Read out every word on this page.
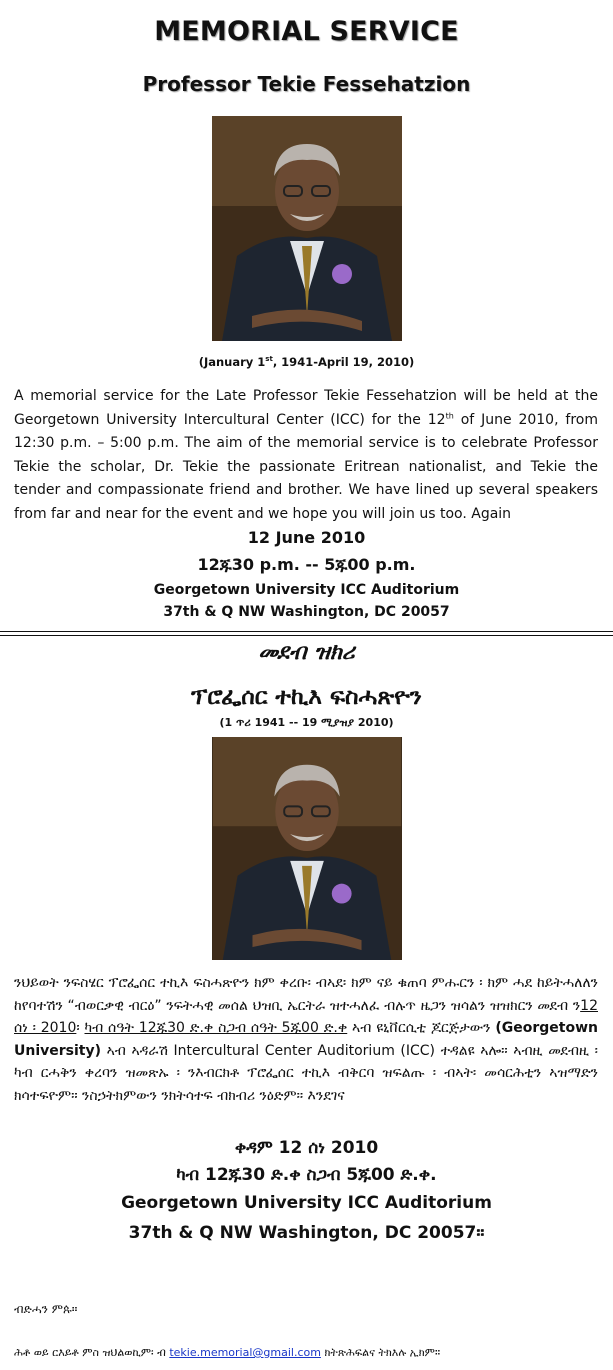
MEMORIAL SERVICE
Professor Tekie Fessehatzion
(January 1st, 1941-April 19, 2010)
A memorial service for the Late Professor Tekie Fessehatzion will be held at the Georgetown University Intercultural Center (ICC) for the 12th of June 2010, from 12:30 p.m. – 5:00 p.m. The aim of the memorial service is to celebrate Professor Tekie the scholar, Dr. Tekie the passionate Eritrean nationalist, and Tekie the tender and compassionate friend and brother. We have lined up several speakers from far and near for the event and we hope you will join us too. Again
12 June 2010
12ጁ30 p.m. -- 5ጁ00 p.m.
Georgetown University ICC Auditorium
37th & Q NW Washington, DC 20057
መደብ ዝክሪ
ፕሮፌሰር ተኪእ ፍስሓጽዮን
(1 ጥሪ 1941 -- 19 ሚያዝያ 2010)
ንህይወት ንፍስሄር ፕሮፌሰር ተኪእ ፍስሓጽዮን ክም ቀረቡ፡ ብኣደ፡ ክም ናይ ቁጠባ ምሑርን ፡ ክም ሓደ ከይትሓለለን ከየባተሽን “ብወርቃዊ ብርዕ” ንፍትሓዊ መሰል ህዝቢ ኤርትራ ዝተሓለፈ ብሉጥ ዜጋን ዝሳልን ዝዝክርን መደብ ን12 ሰነ ፡ 2010፡ ካብ ሰዓት 12ጁ30 ድ.ቀ ስጋብ ሰዓት 5ጁ00 ድ.ቀ ኣብ ዩኒቨርሲቲ ጆርጅታውን (Georgetown University) ኣብ ኣዳራሽ Intercultural Center Auditorium (ICC) ተዳልዩ ኣሎ። ኣብዚ መደብዚ ፡ ካብ ርሓቅን ቀረባን ዝመጽኡ ፡ ንእብርክቶ ፕሮፌሰር ተኪእ ብቅርባ ዝፍልጡ ፡ ብኣት፡ መሳርሕቲን ኣዝማድን ክሳተፍዮም። ንስኃትክምውን ንክትሳተፍ ብክብሪ ንዕድም። እንደገና
ቀዳም 12 ሰነ 2010
ካብ 12ጁ30 ድ.ቀ ስጋብ 5ጁ00 ድ.ቀ.
Georgetown University ICC Auditorium
37th & Q NW Washington, DC 20057።
ብድሓን ምጱ።
ሕቶ ወይ ርእይቶ ምስ ዝህልወኪም፡ ብ tekie.memorial@gmail.com ክትጽሕፍልና ትክእሉ ኢክም።
